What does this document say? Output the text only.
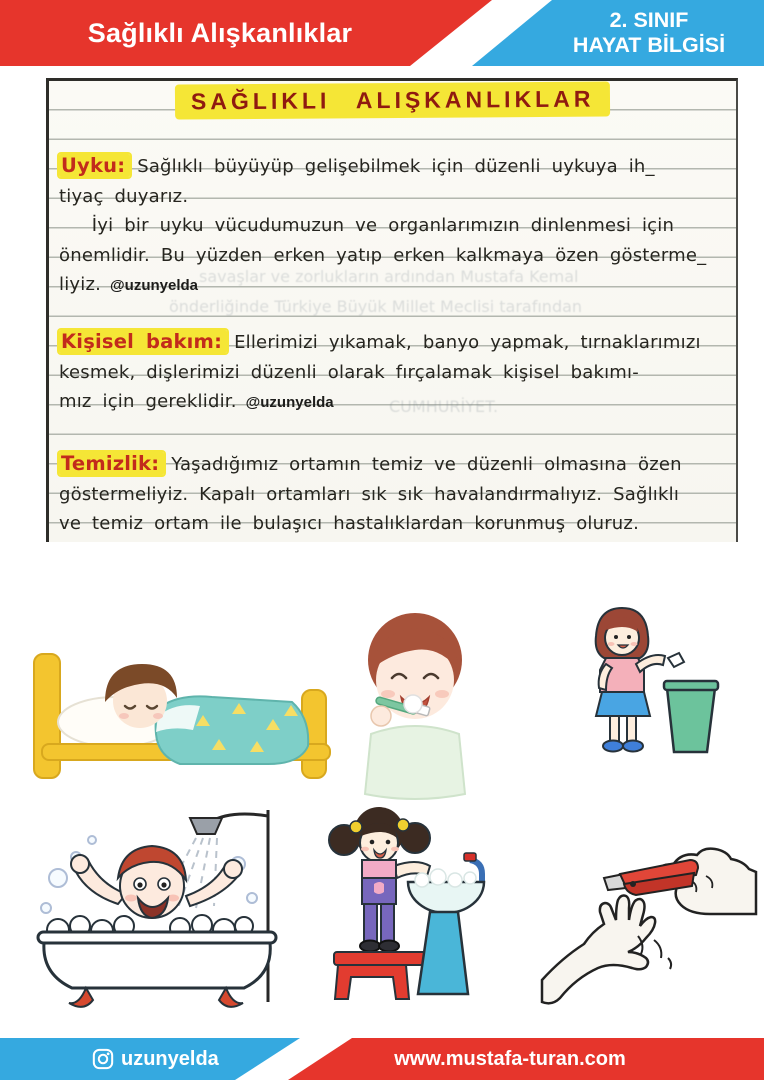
Sağlıklı Alışkanlıklar	2. SINIF
HAYAT BİLGİSİ
SAĞLIKLI ALIŞKANLIKLAR
savaşlar ve zorlukların ardından Mustafa Kemal
önderliğinde Türkiye Büyük Millet Meclisi tarafından
CUMHURİYET.
Uyku: Sağlıklı büyüyüp gelişebilmek için düzenli uykuya ih_
tiyaç duyarız.
İyi bir uyku vücudumuzun ve organlarımızın dinlenmesi için
önemlidir. Bu yüzden erken yatıp erken kalkmaya özen gösterme_
liyiz. @uzunyelda
Kişisel bakım: Ellerimizi yıkamak, banyo yapmak, tırnaklarımızı
kesmek, dişlerimizi düzenli olarak fırçalamak kişisel bakımı-
mız için gereklidir. @uzunyelda
Temizlik: Yaşadığımız ortamın temiz ve düzenli olmasına özen
göstermeliyiz. Kapalı ortamları sık sık havalandırmalıyız. Sağlıklı
ve temiz ortam ile bulaşıcı hastalıklardan korunmuş oluruz.
uzunyelda	www.mustafa-turan.com
